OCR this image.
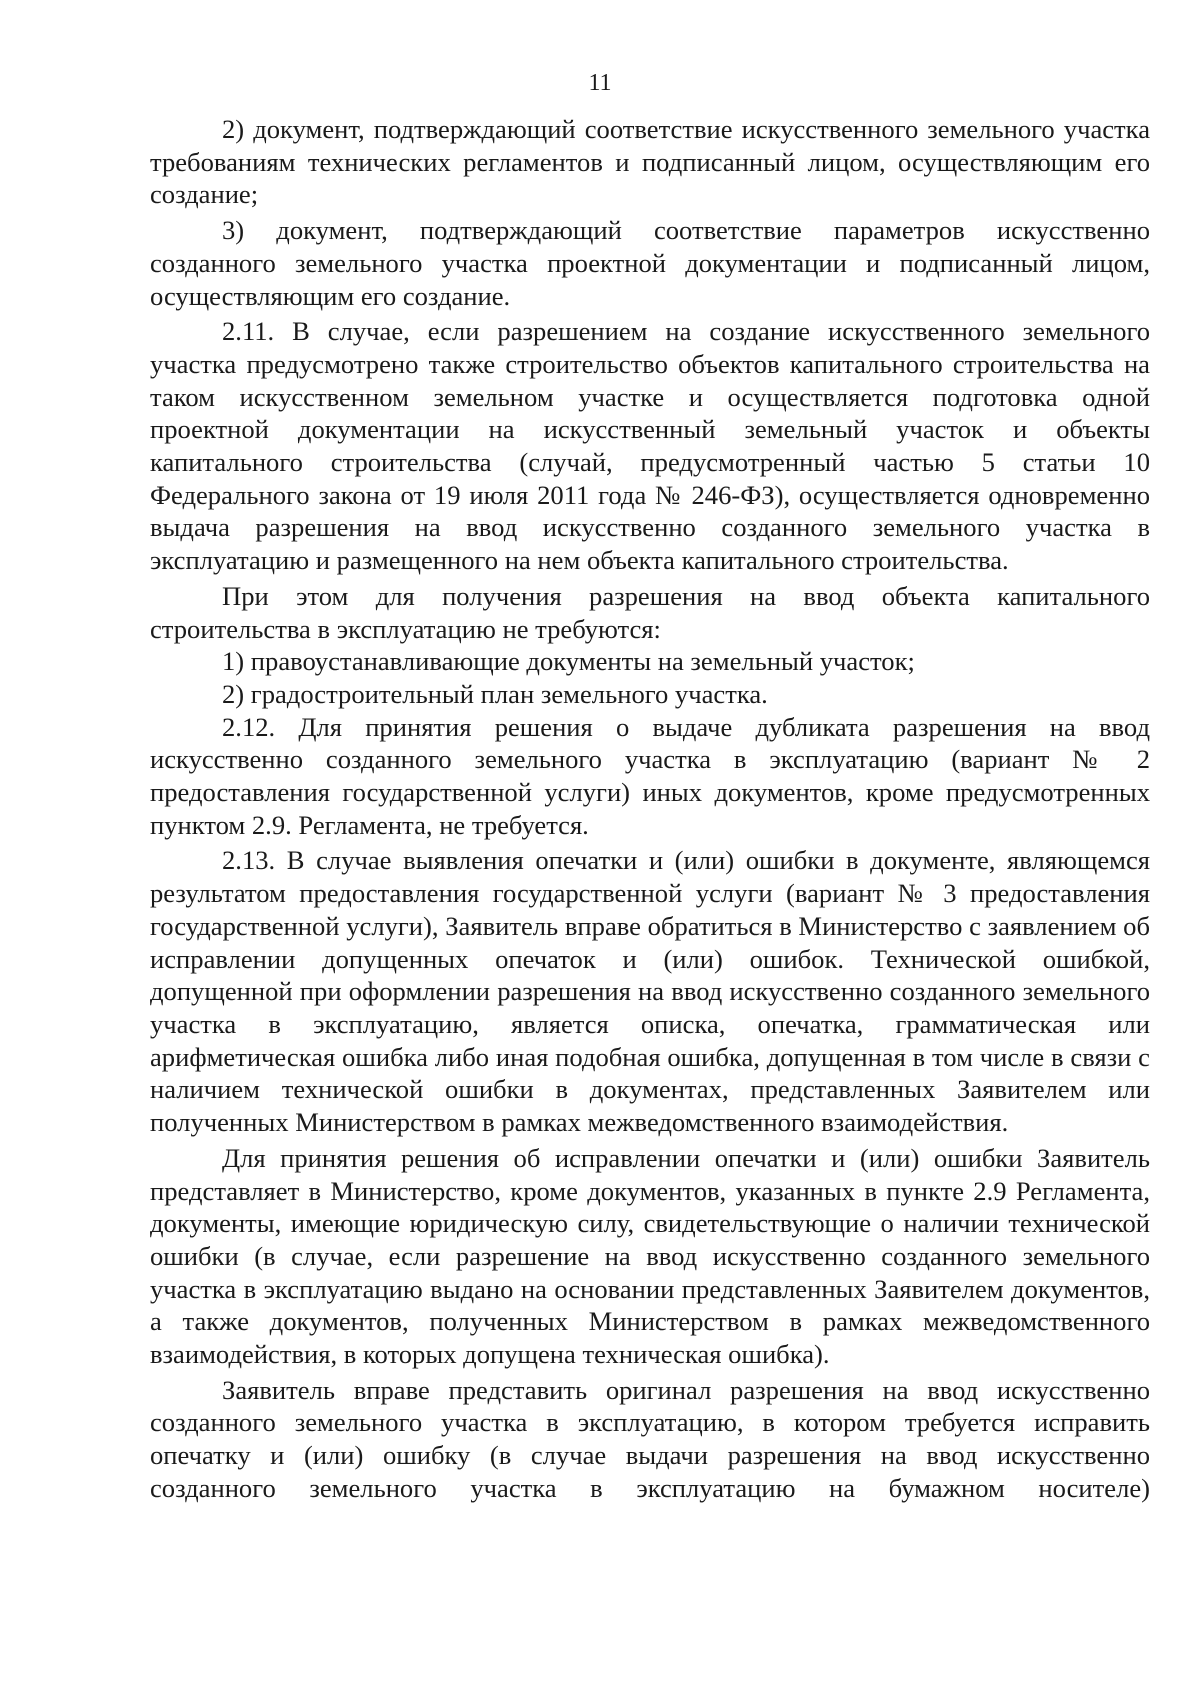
11

2) документ, подтверждающий соответствие искусственного земельного участка требованиям технических регламентов и подписанный лицом, осуществляющим его создание;

3) документ, подтверждающий соответствие параметров искусственно созданного земельного участка проектной документации и подписанный лицом, осуществляющим его создание.

2.11. В случае, если разрешением на создание искусственного земельного участка предусмотрено также строительство объектов капитального строительства на таком искусственном земельном участке и осуществляется подготовка одной проектной документации на искусственный земельный участок и объекты капитального строительства (случай, предусмотренный частью 5 статьи 10 Федерального закона от 19 июля 2011 года № 246-ФЗ), осуществляется одновременно выдача разрешения на ввод искусственно созданного земельного участка в эксплуатацию и размещенного на нем объекта капитального строительства.

При этом для получения разрешения на ввод объекта капитального строительства в эксплуатацию не требуются:

1) правоустанавливающие документы на земельный участок;

2) градостроительный план земельного участка.

2.12. Для принятия решения о выдаче дубликата разрешения на ввод искусственно созданного земельного участка в эксплуатацию (вариант № 2 предоставления государственной услуги) иных документов, кроме предусмотренных пунктом 2.9. Регламента, не требуется.

2.13. В случае выявления опечатки и (или) ошибки в документе, являющемся результатом предоставления государственной услуги (вариант № 3 предоставления государственной услуги), Заявитель вправе обратиться в Министерство с заявлением об исправлении допущенных опечаток и (или) ошибок. Технической ошибкой, допущенной при оформлении разрешения на ввод искусственно созданного земельного участка в эксплуатацию, является описка, опечатка, грамматическая или арифметическая ошибка либо иная подобная ошибка, допущенная в том числе в связи с наличием технической ошибки в документах, представленных Заявителем или полученных Министерством в рамках межведомственного взаимодействия.

Для принятия решения об исправлении опечатки и (или) ошибки Заявитель представляет в Министерство, кроме документов, указанных в пункте 2.9 Регламента, документы, имеющие юридическую силу, свидетельствующие о наличии технической ошибки (в случае, если разрешение на ввод искусственно созданного земельного участка в эксплуатацию выдано на основании представленных Заявителем документов, а также документов, полученных Министерством в рамках межведомственного взаимодействия, в которых допущена техническая ошибка).

Заявитель вправе представить оригинал разрешения на ввод искусственно созданного земельного участка в эксплуатацию, в котором требуется исправить опечатку и (или) ошибку (в случае выдачи разрешения на ввод искусственно созданного земельного участка в эксплуатацию на бумажном носителе)
